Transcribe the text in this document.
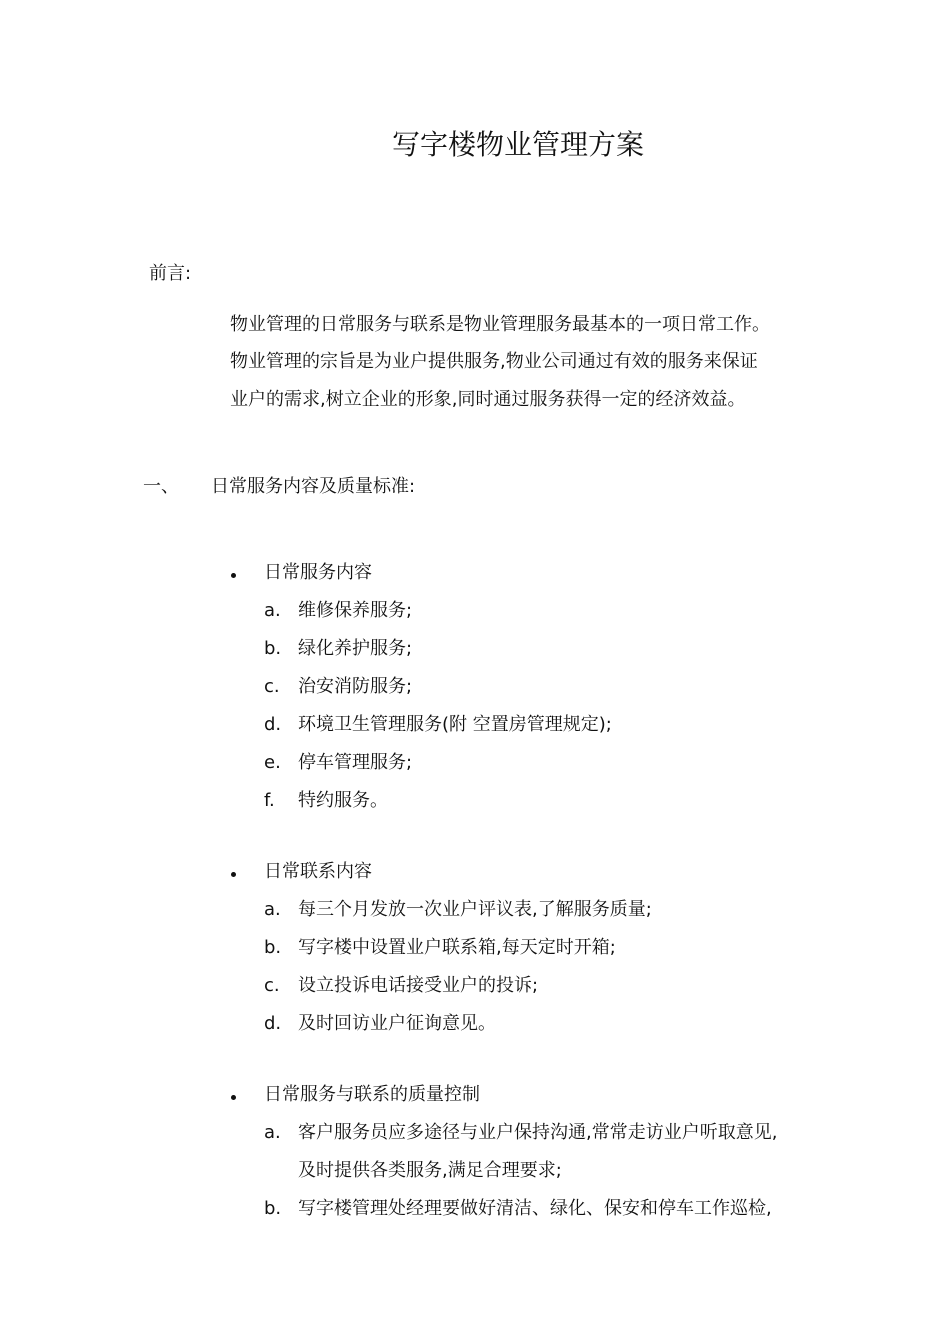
写字楼物业管理方案
前言:
物业管理的日常服务与联系是物业管理服务最基本的一项日常工作。
物业管理的宗旨是为业户提供服务,物业公司通过有效的服务来保证
业户的需求,树立企业的形象,同时通过服务获得一定的经济效益。
一、 日常服务内容及质量标准:
日常服务内容
a. 维修保养服务;
b. 绿化养护服务;
c. 治安消防服务;
d. 环境卫生管理服务(附 空置房管理规定);
e. 停车管理服务;
f. 特约服务。
日常联系内容
a. 每三个月发放一次业户评议表,了解服务质量;
b. 写字楼中设置业户联系箱,每天定时开箱;
c. 设立投诉电话接受业户的投诉;
d. 及时回访业户征询意见。
日常服务与联系的质量控制
a. 客户服务员应多途径与业户保持沟通,常常走访业户听取意见,
及时提供各类服务,满足合理要求;
b. 写字楼管理处经理要做好清洁、绿化、保安和停车工作巡检,
